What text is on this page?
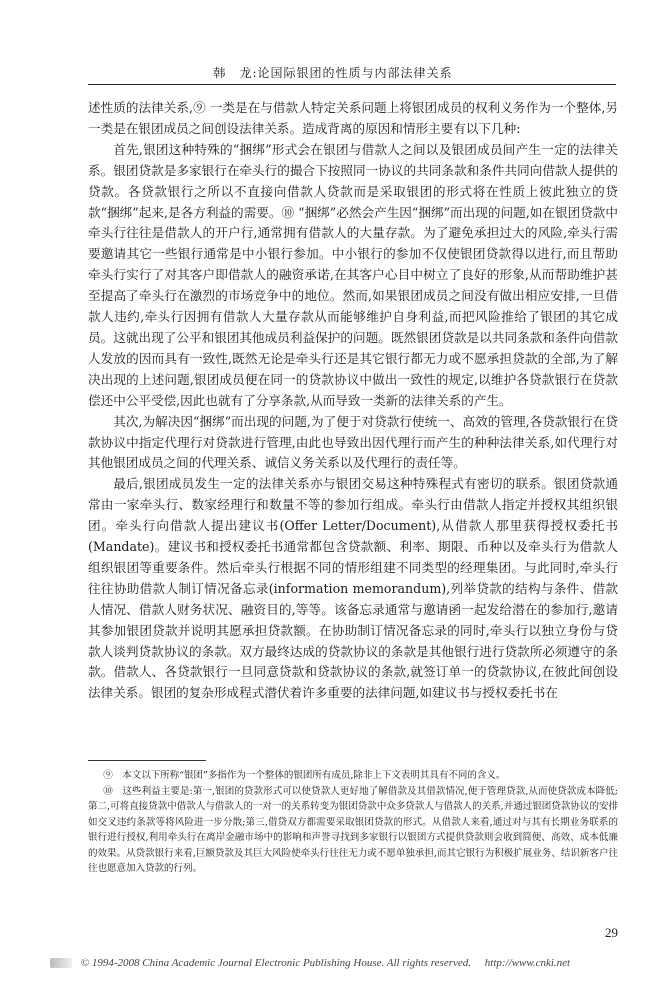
韩　龙:论国际银团的性质与内部法律关系

述性质的法律关系,⑨ 一类是在与借款人特定关系问题上将银团成员的权利义务作为一个整体,另一类是在银团成员之间创设法律关系。造成背离的原因和情形主要有以下几种:

首先,银团这种特殊的“捆绑”形式会在银团与借款人之间以及银团成员间产生一定的法律关系。银团贷款是多家银行在牵头行的撮合下按照同一协议的共同条款和条件共同向借款人提供的贷款。各贷款银行之所以不直接向借款人贷款而是采取银团的形式将在性质上彼此独立的贷款“捆绑”起来,是各方利益的需要。⑩ “捆绑”必然会产生因“捆绑”而出现的问题,如在银团贷款中牵头行往往是借款人的开户行,通常拥有借款人的大量存款。为了避免承担过大的风险,牵头行需要邀请其它一些银行通常是中小银行参加。中小银行的参加不仅使银团贷款得以进行,而且帮助牵头行实行了对其客户即借款人的融资承诺,在其客户心目中树立了良好的形象,从而帮助维护甚至提高了牵头行在激烈的市场竞争中的地位。然而,如果银团成员之间没有做出相应安排,一旦借款人违约,牵头行因拥有借款人大量存款从而能够维护自身利益,而把风险推给了银团的其它成员。这就出现了公平和银团其他成员利益保护的问题。既然银团贷款是以共同条款和条件向借款人发放的因而具有一致性,既然无论是牵头行还是其它银行都无力或不愿承担贷款的全部,为了解决出现的上述问题,银团成员便在同一的贷款协议中做出一致性的规定,以维护各贷款银行在贷款偿还中公平受偿,因此也就有了分享条款,从而导致一类新的法律关系的产生。

其次,为解决因“捆绑”而出现的问题,为了便于对贷款行使统一、高效的管理,各贷款银行在贷款协议中指定代理行对贷款进行管理,由此也导致出因代理行而产生的种种法律关系,如代理行对其他银团成员之间的代理关系、诚信义务关系以及代理行的责任等。

最后,银团成员发生一定的法律关系亦与银团交易这种特殊程式有密切的联系。银团贷款通常由一家牵头行、数家经理行和数量不等的参加行组成。牵头行由借款人指定并授权其组织银团。牵头行向借款人提出建议书(Offer Letter/Document),从借款人那里获得授权委托书(Mandate)。建议书和授权委托书通常都包含贷款额、利率、期限、币种以及牵头行为借款人组织银团等重要条件。然后牵头行根据不同的情形组建不同类型的经理集团。与此同时,牵头行往往协助借款人制订情况备忘录(information memorandum),列举贷款的结构与条件、借款人情况、借款人财务状况、融资目的,等等。该备忘录通常与邀请函一起发给潜在的参加行,邀请其参加银团贷款并说明其愿承担贷款额。在协助制订情况备忘录的同时,牵头行以独立身份与贷款人谈判贷款协议的条款。双方最终达成的贷款协议的条款是其他银行进行贷款所必须遵守的条款。借款人、各贷款银行一旦同意贷款和贷款协议的条款,就签订单一的贷款协议,在彼此间创设法律关系。银团的复杂形成程式潜伏着许多重要的法律问题,如建议书与授权委托书在

⑨　本文以下所称“银团”多指作为一个整体的银团所有成员,除非上下文表明其具有不同的含义。

⑩　这些利益主要是:第一,银团的贷款形式可以使贷款人更好地了解借款及其借款情况,便于管理贷款,从而使贷款成本降低;第二,可将直接贷款中借款人与借款人的一对一的关系转变为银团贷款中众多贷款人与借款人的关系,并通过银团贷款协议的安排如交叉违约条款等将风险进一步分散;第三,借贷双方都需要采取银团贷款的形式。从借款人来看,通过对与其有长期业务联系的银行进行授权,利用牵头行在离岸金融市场中的影响和声誉寻找到多家银行以银团方式提供贷款则会收到简便、高效、成本低廉的效果。从贷款银行来看,巨额贷款及其巨大风险使牵头行往往无力或不愿单独承担,而其它银行为积极扩展业务、结识新客户往往也愿意加入贷款的行列。

29
© 1994-2008 China Academic Journal Electronic Publishing House. All rights reserved. http://www.cnki.net
